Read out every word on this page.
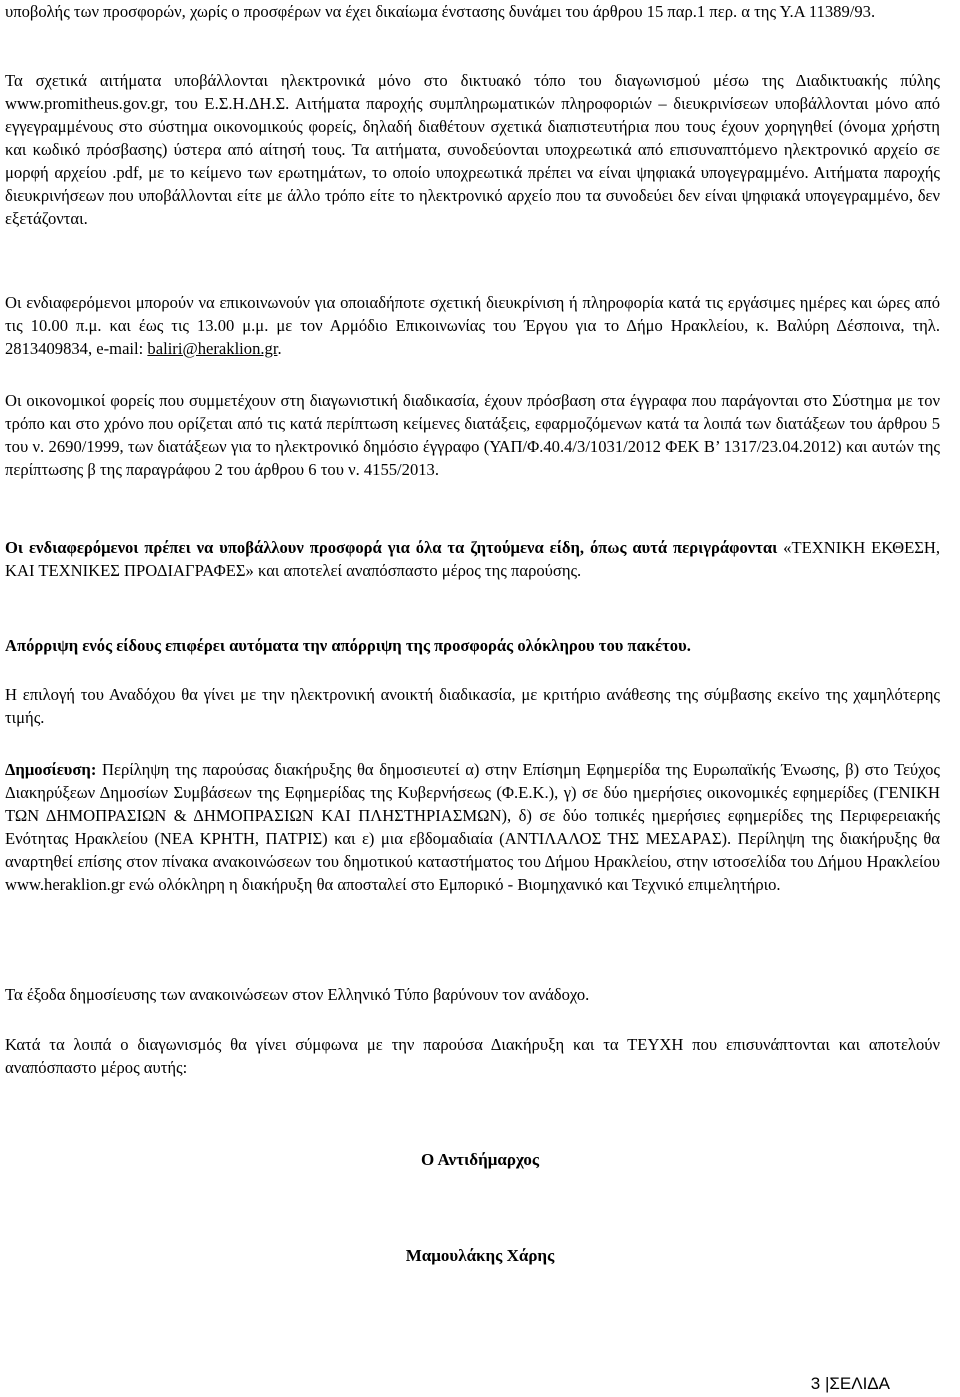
υποβολής των προσφορών, χωρίς ο προσφέρων να έχει δικαίωμα ένστασης δυνάμει του άρθρου 15 παρ.1 περ. α της Υ.Α 11389/93.

Τα σχετικά αιτήματα υποβάλλονται ηλεκτρονικά μόνο στο δικτυακό τόπο του διαγωνισμού μέσω της Διαδικτυακής πύλης www.promitheus.gov.gr, του Ε.Σ.Η.ΔΗ.Σ. Αιτήματα παροχής συμπληρωματικών πληροφοριών – διευκρινίσεων υποβάλλονται μόνο από εγγεγραμμένους στο σύστημα οικονομικούς φορείς, δηλαδή διαθέτουν σχετικά διαπιστευτήρια που τους έχουν χορηγηθεί (όνομα χρήστη και κωδικό πρόσβασης) ύστερα από αίτησή τους. Τα αιτήματα, συνοδεύονται υποχρεωτικά από επισυναπτόμενο ηλεκτρονικό αρχείο σε μορφή αρχείου .pdf, με το κείμενο των ερωτημάτων, το οποίο υποχρεωτικά πρέπει να είναι ψηφιακά υπογεγραμμένο. Αιτήματα παροχής διευκρινήσεων που υποβάλλονται είτε με άλλο τρόπο είτε το ηλεκτρονικό αρχείο που τα συνοδεύει δεν είναι ψηφιακά υπογεγραμμένο, δεν εξετάζονται.

Οι ενδιαφερόμενοι μπορούν να επικοινωνούν για οποιαδήποτε σχετική διευκρίνιση ή πληροφορία κατά τις εργάσιμες ημέρες και ώρες από τις 10.00 π.μ. και έως τις 13.00 μ.μ. με τον Αρμόδιο Επικοινωνίας του Έργου για το Δήμο Ηρακλείου, κ. Βαλύρη Δέσποινα, τηλ. 2813409834, e-mail: baliri@heraklion.gr.

Οι οικονομικοί φορείς που συμμετέχουν στη διαγωνιστική διαδικασία, έχουν πρόσβαση στα έγγραφα που παράγονται στο Σύστημα με τον τρόπο και στο χρόνο που ορίζεται από τις κατά περίπτωση κείμενες διατάξεις, εφαρμοζόμενων κατά τα λοιπά των διατάξεων του άρθρου 5 του ν. 2690/1999, των διατάξεων για το ηλεκτρονικό δημόσιο έγγραφο (ΥΑΠ/Φ.40.4/3/1031/2012 ΦΕΚ Β’ 1317/23.04.2012) και αυτών της περίπτωσης β της παραγράφου 2 του άρθρου 6 του ν. 4155/2013.

Οι ενδιαφερόμενοι πρέπει να υποβάλλουν προσφορά για όλα τα ζητούμενα είδη, όπως αυτά περιγράφονται «ΤΕΧΝΙΚΗ ΕΚΘΕΣΗ, ΚΑΙ ΤΕΧΝΙΚΕΣ ΠΡΟΔΙΑΓΡΑΦΕΣ» και αποτελεί αναπόσπαστο μέρος της παρούσης.

Απόρριψη ενός είδους επιφέρει αυτόματα την απόρριψη της προσφοράς ολόκληρου του πακέτου.

Η επιλογή του Αναδόχου θα γίνει με την ηλεκτρονική ανοικτή διαδικασία, με κριτήριο ανάθεσης της σύμβασης εκείνο της χαμηλότερης τιμής.

Δημοσίευση: Περίληψη της παρούσας διακήρυξης θα δημοσιευτεί α) στην Επίσημη Εφημερίδα της Ευρωπαϊκής Ένωσης, β) στο Τεύχος Διακηρύξεων Δημοσίων Συμβάσεων της Εφημερίδας της Κυβερνήσεως (Φ.Ε.Κ.), γ) σε δύο ημερήσιες οικονομικές εφημερίδες (ΓΕΝΙΚΗ ΤΩΝ ΔΗΜΟΠΡΑΣΙΩΝ & ΔΗΜΟΠΡΑΣΙΩΝ ΚΑΙ ΠΛΗΣΤΗΡΙΑΣΜΩΝ), δ) σε δύο τοπικές ημερήσιες εφημερίδες της Περιφερειακής Ενότητας Ηρακλείου (ΝΕΑ ΚΡΗΤΗ, ΠΑΤΡΙΣ) και ε) μια εβδομαδιαία (ΑΝΤΙΛΑΛΟΣ ΤΗΣ ΜΕΣΑΡΑΣ). Περίληψη της διακήρυξης θα αναρτηθεί επίσης στον πίνακα ανακοινώσεων του δημοτικού καταστήματος του Δήμου Ηρακλείου, στην ιστοσελίδα του Δήμου Ηρακλείου www.heraklion.gr ενώ ολόκληρη η διακήρυξη θα αποσταλεί στο Εμπορικό - Βιομηχανικό και Τεχνικό επιμελητήριο.

Τα έξοδα δημοσίευσης των ανακοινώσεων στον Ελληνικό Τύπο βαρύνουν τον ανάδοχο.

Κατά τα λοιπά ο διαγωνισμός θα γίνει σύμφωνα με την παρούσα Διακήρυξη και τα ΤΕΥΧΗ που επισυνάπτονται και αποτελούν αναπόσπαστο μέρος αυτής:

Ο Αντιδήμαρχος
Μαμουλάκης Χάρης
3 |ΣΕΛΙΔΑ
